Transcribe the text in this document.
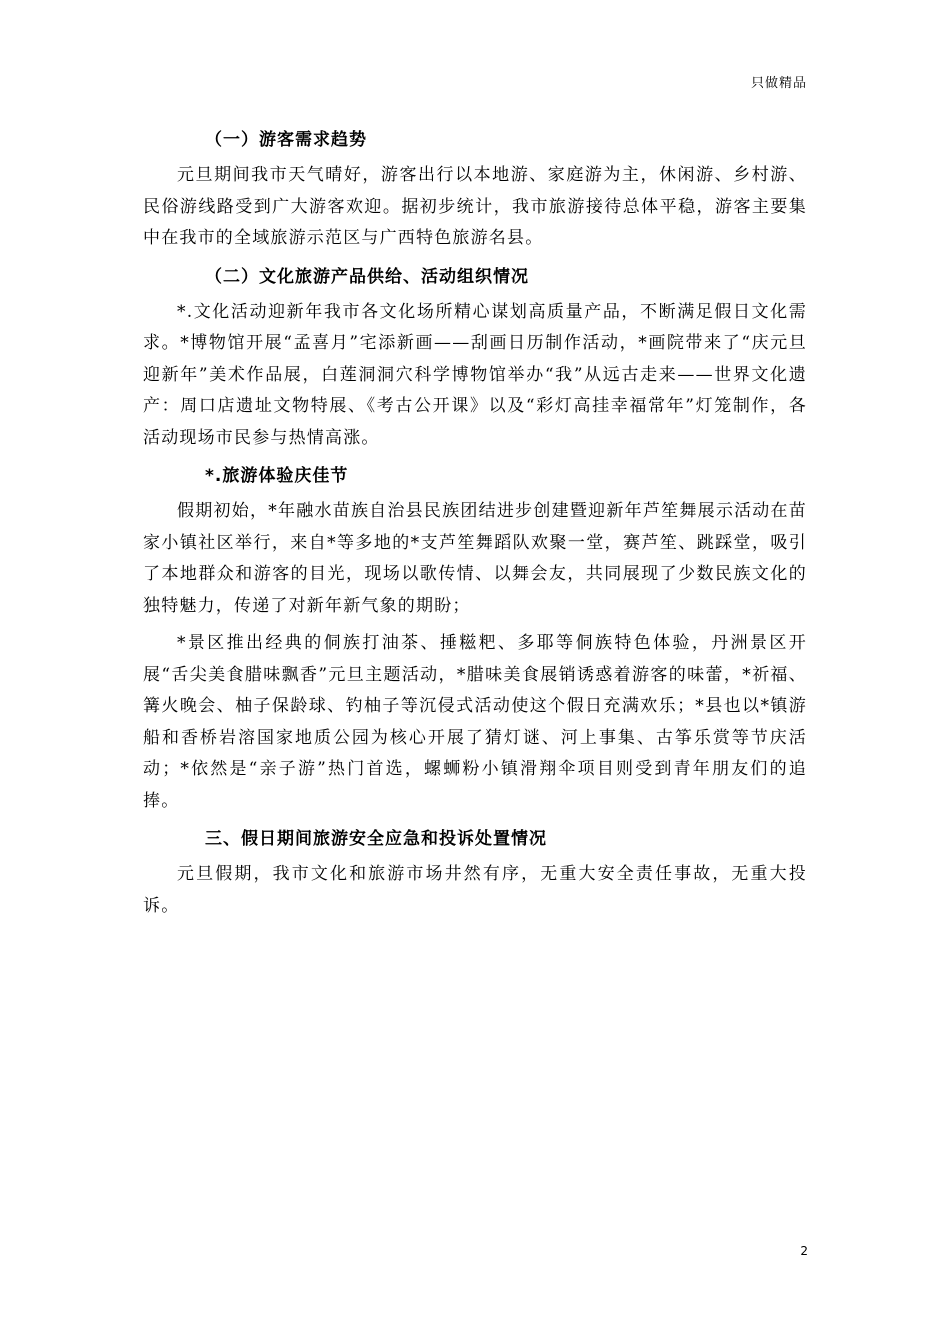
只做精品
（一）游客需求趋势

元旦期间我市天气晴好，游客出行以本地游、家庭游为主，休闲游、乡村游、民俗游线路受到广大游客欢迎。据初步统计，我市旅游接待总体平稳，游客主要集中在我市的全域旅游示范区与广西特色旅游名县。

（二）文化旅游产品供给、活动组织情况

*.文化活动迎新年我市各文化场所精心谋划高质量产品，不断满足假日文化需求。*博物馆开展“孟喜月”宅添新画——刮画日历制作活动，*画院带来了“庆元旦迎新年”美术作品展，白莲洞洞穴科学博物馆举办“我”从远古走来——世界文化遗产：周口店遗址文物特展、《考古公开课》以及“彩灯高挂幸福常年”灯笼制作，各活动现场市民参与热情高涨。

*.旅游体验庆佳节

假期初始，*年融水苗族自治县民族团结进步创建暨迎新年芦笙舞展示活动在苗家小镇社区举行，来自*等多地的*支芦笙舞蹈队欢聚一堂，赛芦笙、跳踩堂，吸引了本地群众和游客的目光，现场以歌传情、以舞会友，共同展现了少数民族文化的独特魅力，传递了对新年新气象的期盼；

*景区推出经典的侗族打油茶、捶糍粑、多耶等侗族特色体验，丹洲景区开展“舌尖美食腊味飘香”元旦主题活动，*腊味美食展销诱惑着游客的味蕾，*祈福、篝火晚会、柚子保龄球、钓柚子等沉侵式活动使这个假日充满欢乐；*县也以*镇游船和香桥岩溶国家地质公园为核心开展了猜灯谜、河上事集、古筝乐赏等节庆活动；*依然是“亲子游”热门首选，螺蛳粉小镇滑翔伞项目则受到青年朋友们的追捧。

三、假日期间旅游安全应急和投诉处置情况

元旦假期，我市文化和旅游市场井然有序，无重大安全责任事故，无重大投诉。

2
